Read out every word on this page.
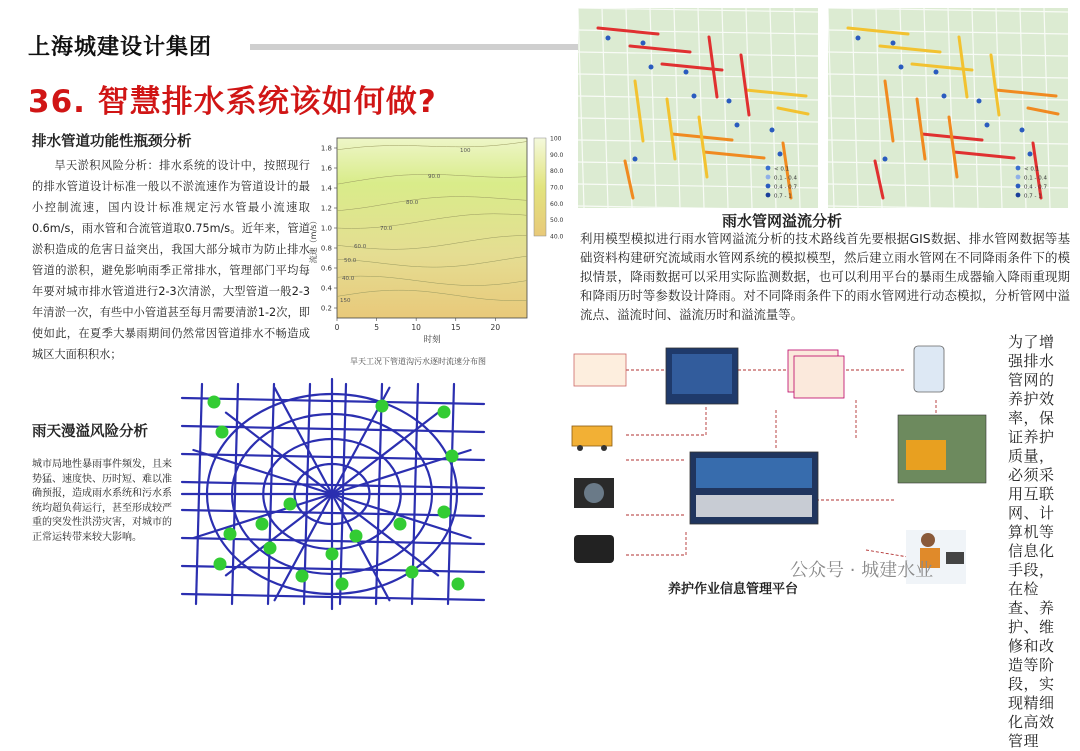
上海城建设计集团
36. 智慧排水系统该如何做?
排水管道功能性瓶颈分析
旱天淤积风险分析：排水系统的设计中，按照现行的排水管道设计标准一般以不淤流速作为管道设计的最小控制流速，国内设计标准规定污水管最小流速取0.6m/s，雨水管和合流管道取0.75m/s。近年来，管道淤积造成的危害日益突出，我国大部分城市为防止排水管道的淤积，避免影响雨季正常排水，管理部门平均每年要对城市排水管道进行2-3次清淤，大型管道一般2-3年清淤一次，有些中小管道甚至每月需要清淤1-2次，即使如此，在夏季大暴雨期间仍然常因管道排水不畅造成城区大面积积水；
100
90.0
80.0
70.0
60.0
50.0
40.0
150
0	5	10	15	20
0.2
0.4
0.6
0.8
1.0
1.2
1.4
1.6
1.8
100
90.0
80.0
70.0
60.0
50.0
40.0
流速（m/s）
时刻
旱天工况下管道沟污水逐时流速分布图
雨天漫溢风险分析
城市局地性暴雨事件频发，且来势猛、速度快、历时短、难以准确预报，造成雨水系统和污水系统均超负荷运行，甚至形成较严重的突发性洪涝灾害，对城市的正常运转带来较大影响。
< 0.1
0.1 - 0.4
0.4 - 0.7
0.7 - 1
< 0.1
0.1 - 0.4
0.4 - 0.7
0.7 - 1
雨水管网溢流分析
利用模型模拟进行雨水管网溢流分析的技术路线首先要根据GIS数据、排水管网数据等基础资料构建研究流域雨水管网系统的模拟模型，然后建立雨水管网在不同降雨条件下的模拟情景，降雨数据可以采用实际监测数据，也可以利用平台的暴雨生成器输入降雨重现期和降雨历时等参数设计降雨。对不同降雨条件下的雨水管网进行动态模拟，分析管网中溢流点、溢流时间、溢流历时和溢流量等。
养护作业信息管理平台
为了增强排水管网的养护效率，保证养护质量，必须采用互联网、计算机等信息化手段，在检查、养护、维修和改造等阶段，实现精细化高效管理
公众号 · 城建水业
